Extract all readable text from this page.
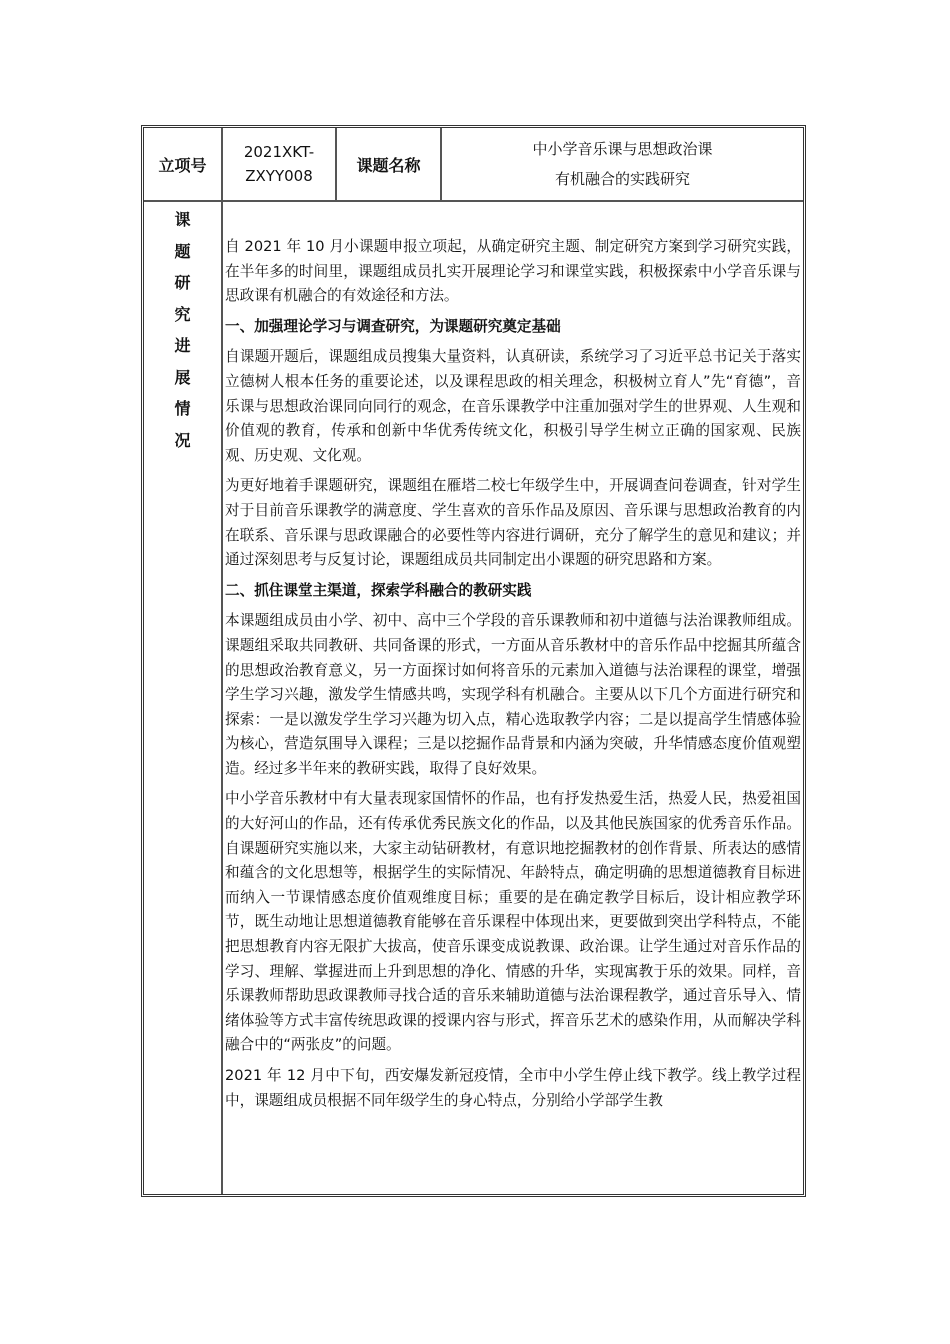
立项号
2021XKT-
ZXYY008
课题名称
中小学音乐课与思想政治课
有机融合的实践研究
课
题
研
究
进
展
情
况

自 2021 年 10 月小课题申报立项起，从确定研究主题、制定研究方案到学习研究实践，在半年多的时间里，课题组成员扎实开展理论学习和课堂实践，积极探索中小学音乐课与思政课有机融合的有效途径和方法。

一、加强理论学习与调查研究，为课题研究奠定基础

自课题开题后，课题组成员搜集大量资料，认真研读，系统学习了习近平总书记关于落实立德树人根本任务的重要论述，以及课程思政的相关理念，积极树立育人”先“育德”，音乐课与思想政治课同向同行的观念，在音乐课教学中注重加强对学生的世界观、人生观和价值观的教育，传承和创新中华优秀传统文化，积极引导学生树立正确的国家观、民族观、历史观、文化观。

为更好地着手课题研究，课题组在雁塔二校七年级学生中，开展调查问卷调查，针对学生对于目前音乐课教学的满意度、学生喜欢的音乐作品及原因、音乐课与思想政治教育的内在联系、音乐课与思政课融合的必要性等内容进行调研，充分了解学生的意见和建议；并通过深刻思考与反复讨论，课题组成员共同制定出小课题的研究思路和方案。

二、抓住课堂主渠道，探索学科融合的教研实践

本课题组成员由小学、初中、高中三个学段的音乐课教师和初中道德与法治课教师组成。课题组采取共同教研、共同备课的形式，一方面从音乐教材中的音乐作品中挖掘其所蕴含的思想政治教育意义，另一方面探讨如何将音乐的元素加入道德与法治课程的课堂，增强学生学习兴趣，激发学生情感共鸣，实现学科有机融合。主要从以下几个方面进行研究和探索：一是以激发学生学习兴趣为切入点，精心选取教学内容；二是以提高学生情感体验为核心，营造氛围导入课程；三是以挖掘作品背景和内涵为突破，升华情感态度价值观塑造。经过多半年来的教研实践，取得了良好效果。

中小学音乐教材中有大量表现家国情怀的作品，也有抒发热爱生活，热爱人民，热爱祖国的大好河山的作品，还有传承优秀民族文化的作品，以及其他民族国家的优秀音乐作品。自课题研究实施以来，大家主动钻研教材，有意识地挖掘教材的创作背景、所表达的感情和蕴含的文化思想等，根据学生的实际情况、年龄特点，确定明确的思想道德教育目标进而纳入一节课情感态度价值观维度目标；重要的是在确定教学目标后，设计相应教学环节，既生动地让思想道德教育能够在音乐课程中体现出来，更要做到突出学科特点，不能把思想教育内容无限扩大拔高，使音乐课变成说教课、政治课。让学生通过对音乐作品的学习、理解、掌握进而上升到思想的净化、情感的升华，实现寓教于乐的效果。同样，音乐课教师帮助思政课教师寻找合适的音乐来辅助道德与法治课程教学，通过音乐导入、情绪体验等方式丰富传统思政课的授课内容与形式，挥音乐艺术的感染作用，从而解决学科融合中的“两张皮”的问题。

2021 年 12 月中下旬，西安爆发新冠疫情，全市中小学生停止线下教学。线上教学过程中，课题组成员根据不同年级学生的身心特点，分别给小学部学生教
